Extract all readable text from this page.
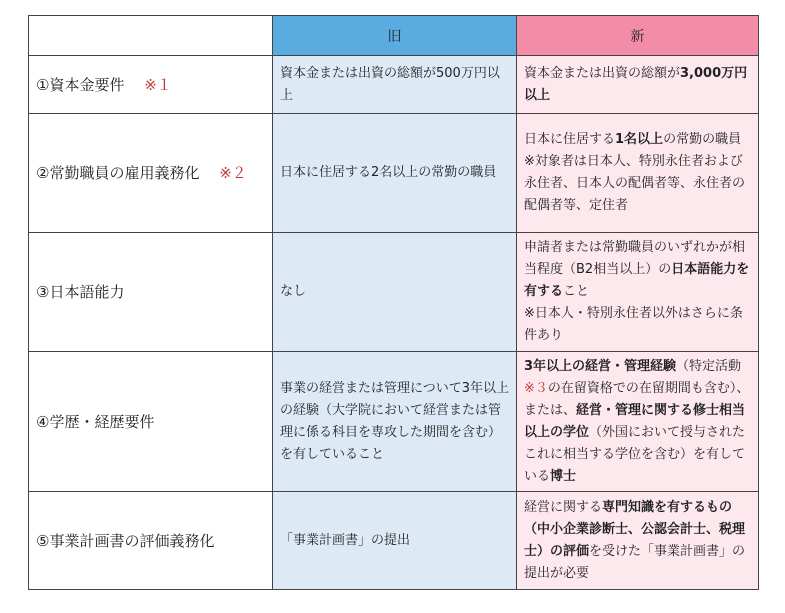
	旧	新
①資本金要件　 ※１	資本金または出資の総額が500万円以上	資本金または出資の総額が3,000万円以上
②常勤職員の雇用義務化　 ※２	日本に住居する2名以上の常勤の職員	日本に住居する1名以上の常勤の職員
※対象者は日本人、特別永住者および永住者、日本人の配偶者等、永住者の配偶者等、定住者
③日本語能力	なし	申請者または常勤職員のいずれかが相当程度（B2相当以上）の日本語能力を有すること
※日本人・特別永住者以外はさらに条件あり
④学歴・経歴要件	事業の経営または管理について3年以上の経験（大学院において経営または管理に係る科目を専攻した期間を含む）を有していること	3年以上の経営・管理経験（特定活動※３の在留資格での在留期間も含む）、または、経営・管理に関する修士相当以上の学位（外国において授与されたこれに相当する学位を含む）を有している博士
⑤事業計画書の評価義務化	「事業計画書」の提出	経営に関する専門知識を有するもの（中小企業診断士、公認会計士、税理士）の評価を受けた「事業計画書」の提出が必要
